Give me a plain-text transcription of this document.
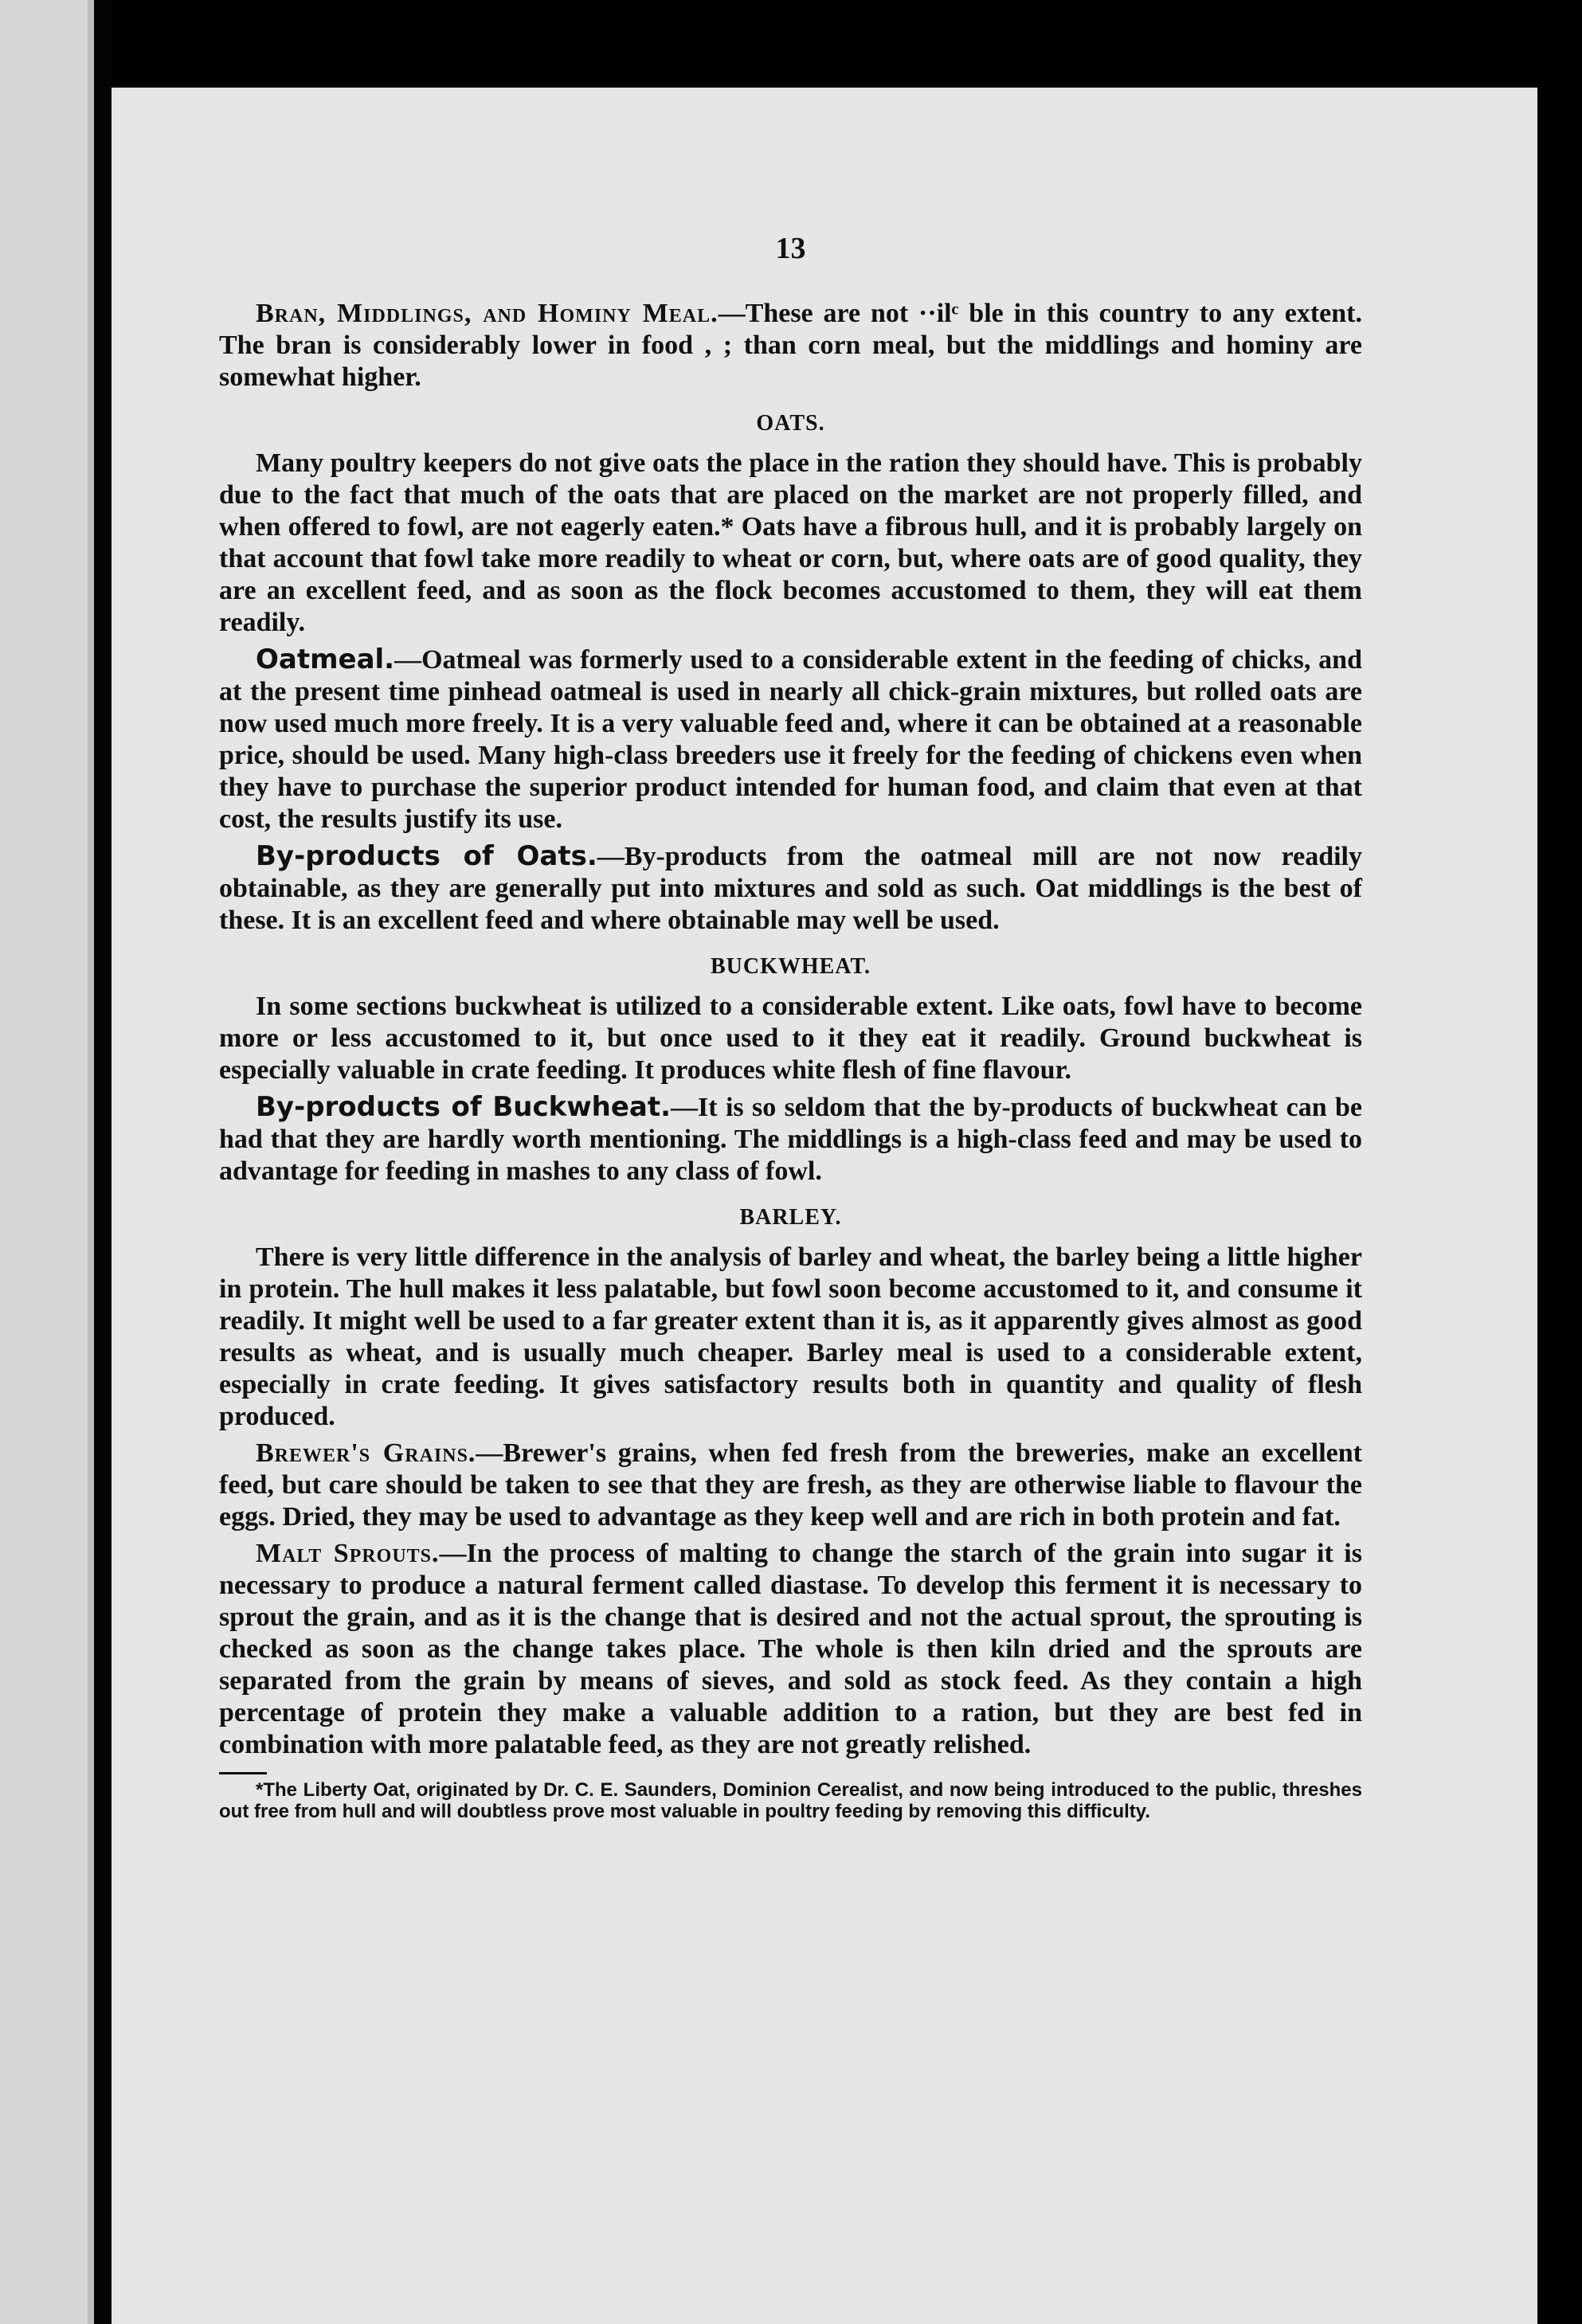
13

Bran, Middlings, and Hominy Meal.—These are not ··ilᶜ ble in this country to any extent. The bran is considerably lower in food , ; than corn meal, but the middlings and hominy are somewhat higher.

OATS.

Many poultry keepers do not give oats the place in the ration they should have. This is probably due to the fact that much of the oats that are placed on the market are not properly filled, and when offered to fowl, are not eagerly eaten.* Oats have a fibrous hull, and it is probably largely on that account that fowl take more readily to wheat or corn, but, where oats are of good quality, they are an excellent feed, and as soon as the flock becomes accustomed to them, they will eat them readily.

Oatmeal.—Oatmeal was formerly used to a considerable extent in the feeding of chicks, and at the present time pinhead oatmeal is used in nearly all chick-grain mixtures, but rolled oats are now used much more freely. It is a very valuable feed and, where it can be obtained at a reasonable price, should be used. Many high-class breeders use it freely for the feeding of chickens even when they have to purchase the superior product intended for human food, and claim that even at that cost, the results justify its use.

By-products of Oats.—By-products from the oatmeal mill are not now readily obtainable, as they are generally put into mixtures and sold as such. Oat middlings is the best of these. It is an excellent feed and where obtainable may well be used.

BUCKWHEAT.

In some sections buckwheat is utilized to a considerable extent. Like oats, fowl have to become more or less accustomed to it, but once used to it they eat it readily. Ground buckwheat is especially valuable in crate feeding. It produces white flesh of fine flavour.

By-products of Buckwheat.—It is so seldom that the by-products of buckwheat can be had that they are hardly worth mentioning. The middlings is a high-class feed and may be used to advantage for feeding in mashes to any class of fowl.

BARLEY.

There is very little difference in the analysis of barley and wheat, the barley being a little higher in protein. The hull makes it less palatable, but fowl soon become accustomed to it, and consume it readily. It might well be used to a far greater extent than it is, as it apparently gives almost as good results as wheat, and is usually much cheaper. Barley meal is used to a considerable extent, especially in crate feeding. It gives satisfactory results both in quantity and quality of flesh produced.

Brewer's Grains.—Brewer's grains, when fed fresh from the breweries, make an excellent feed, but care should be taken to see that they are fresh, as they are otherwise liable to flavour the eggs. Dried, they may be used to advantage as they keep well and are rich in both protein and fat.

Malt Sprouts.—In the process of malting to change the starch of the grain into sugar it is necessary to produce a natural ferment called diastase. To develop this ferment it is necessary to sprout the grain, and as it is the change that is desired and not the actual sprout, the sprouting is checked as soon as the change takes place. The whole is then kiln dried and the sprouts are separated from the grain by means of sieves, and sold as stock feed. As they contain a high percentage of protein they make a valuable addition to a ration, but they are best fed in combination with more palatable feed, as they are not greatly relished.

*The Liberty Oat, originated by Dr. C. E. Saunders, Dominion Cerealist, and now being introduced to the public, threshes out free from hull and will doubtless prove most valuable in poultry feeding by removing this difficulty.
